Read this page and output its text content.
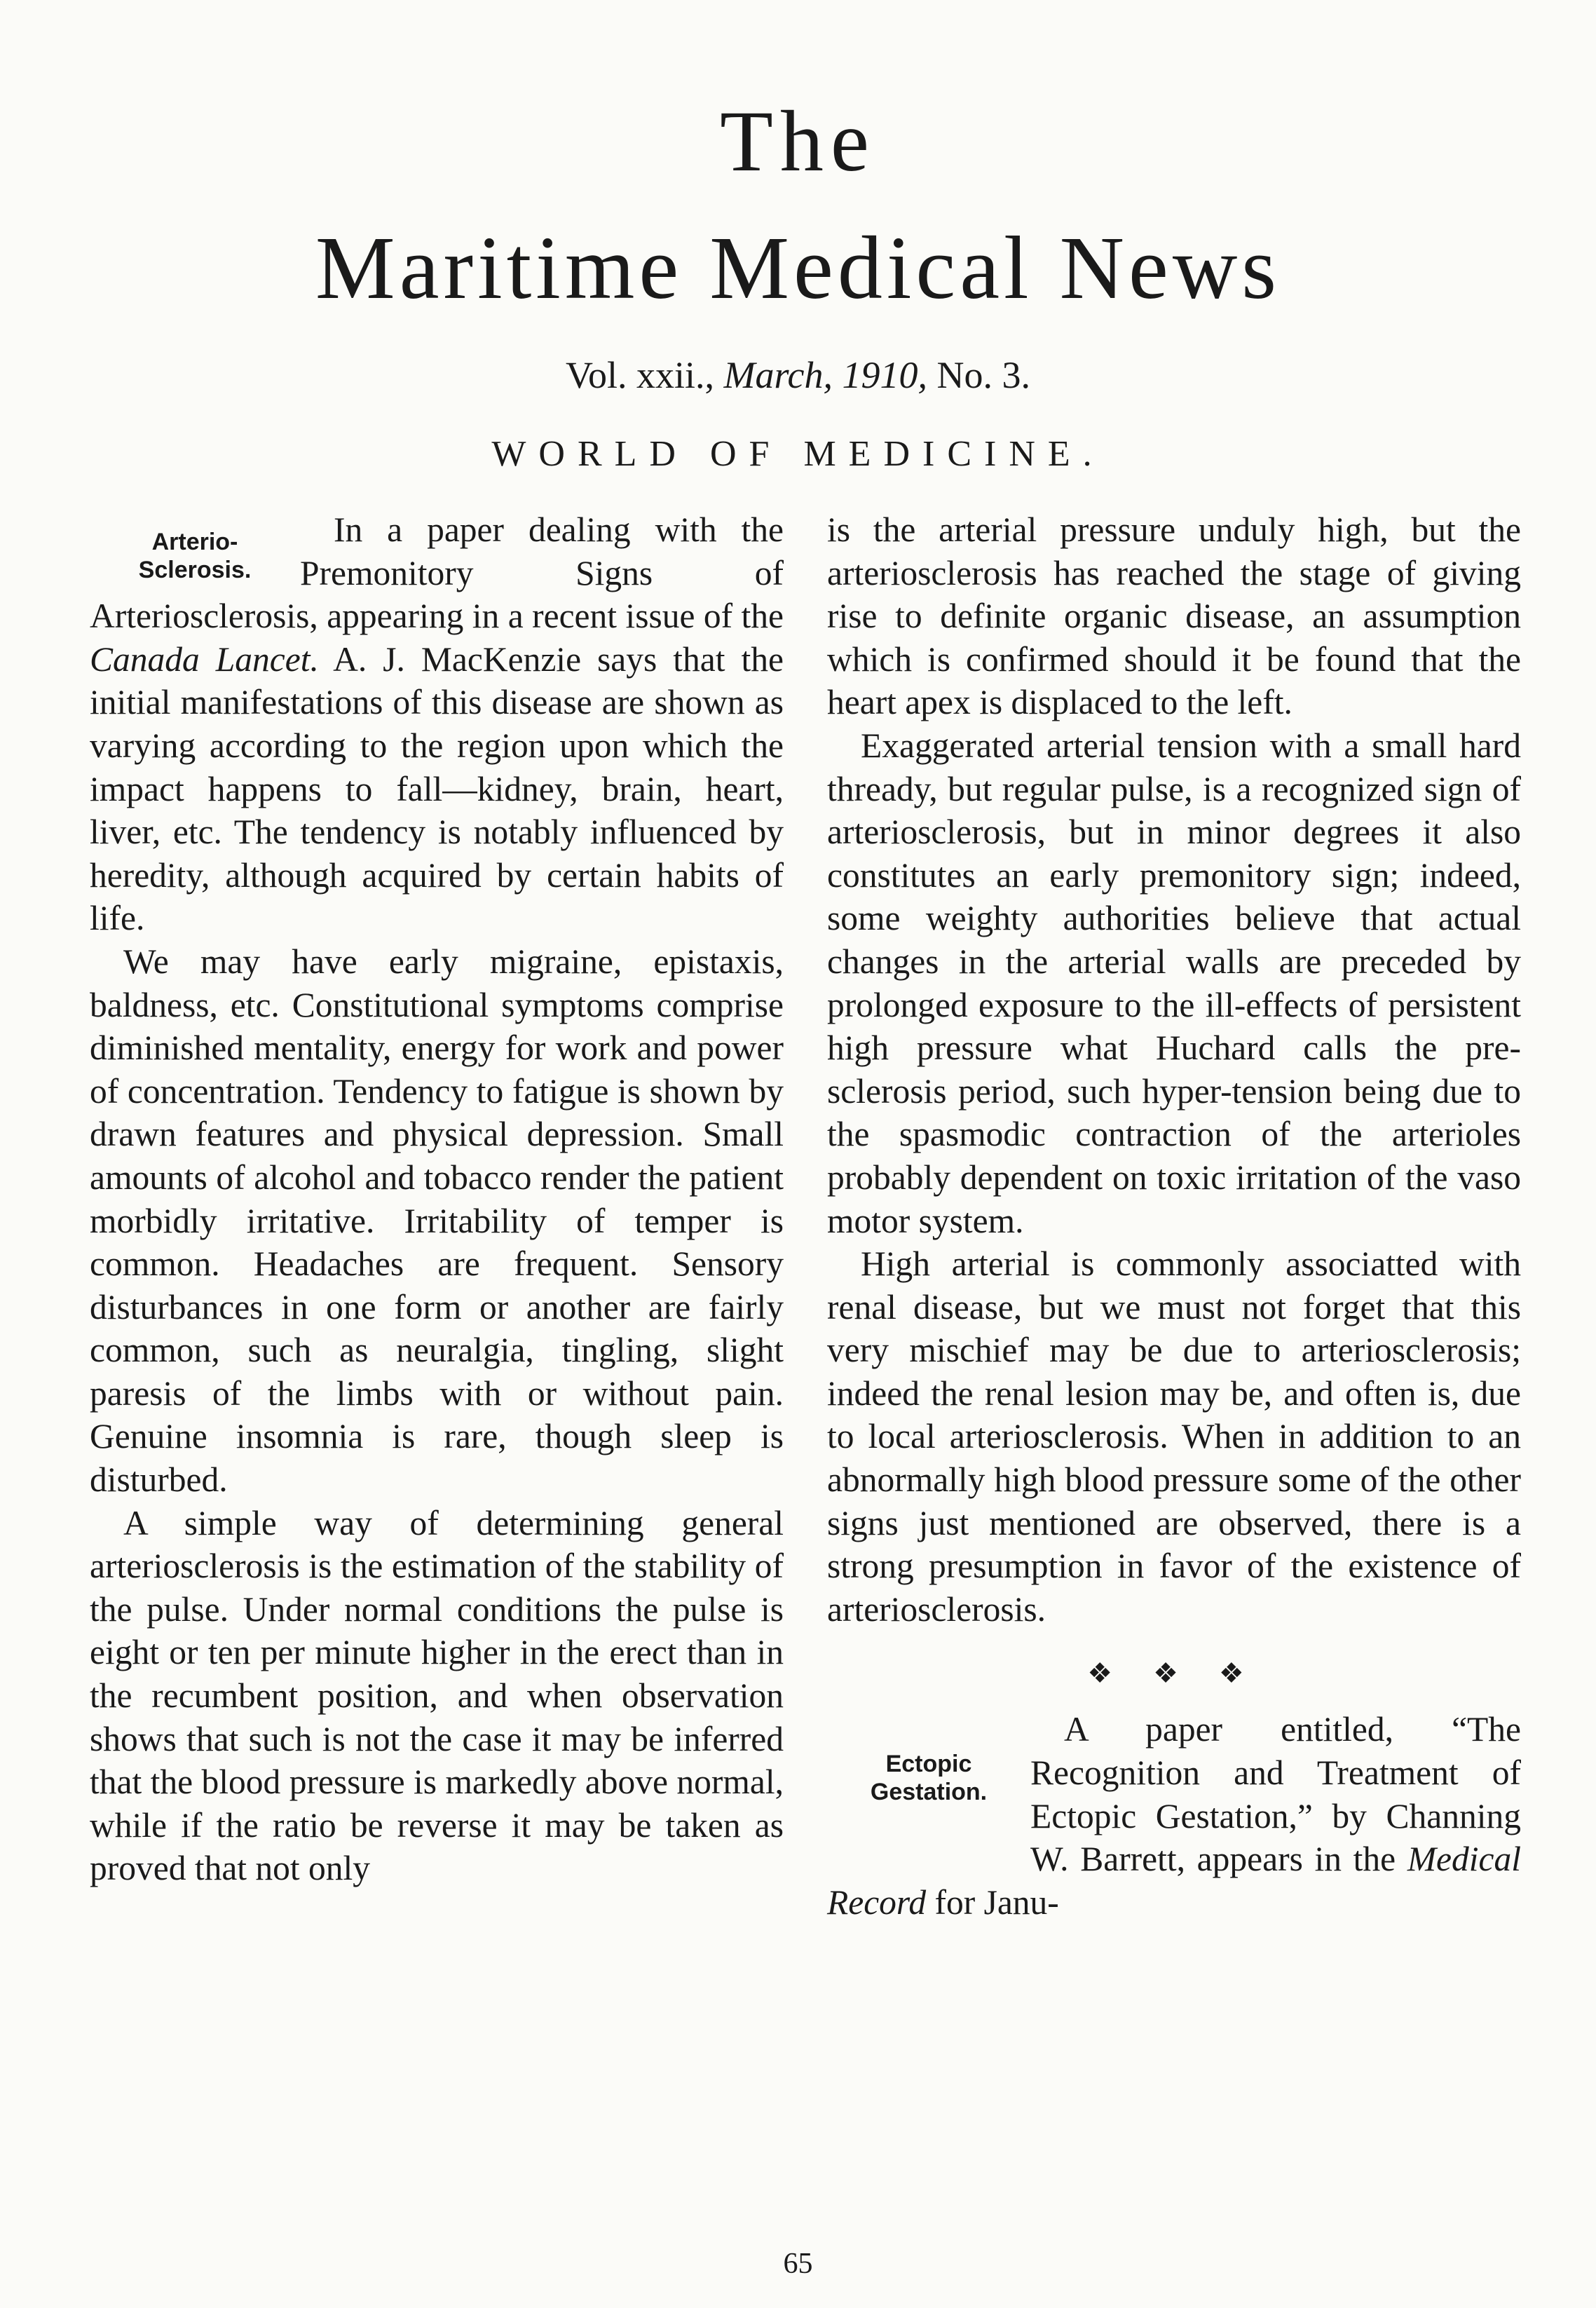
The
Maritime Medical News
Vol. xxii., March, 1910, No. 3.
WORLD OF MEDICINE.
Arterio-
Sclerosis.

In a paper dealing with the Premonitory Signs of Arteriosclerosis, appearing in a recent issue of the Canada Lancet. A. J. MacKenzie says that the initial manifestations of this disease are shown as varying according to the region upon which the impact happens to fall—kidney, brain, heart, liver, etc. The tendency is notably influenced by heredity, although acquired by certain habits of life.

We may have early migraine, epistaxis, baldness, etc. Constitutional symptoms comprise diminished mentality, energy for work and power of concentration. Tendency to fatigue is shown by drawn features and physical depression. Small amounts of alcohol and tobacco render the patient morbidly irritative. Irritability of temper is common. Headaches are frequent. Sensory disturbances in one form or another are fairly common, such as neuralgia, tingling, slight paresis of the limbs with or without pain. Genuine insomnia is rare, though sleep is disturbed.

A simple way of determining general arteriosclerosis is the estimation of the stability of the pulse. Under normal conditions the pulse is eight or ten per minute higher in the erect than in the recumbent position, and when observation shows that such is not the case it may be inferred that the blood pressure is markedly above normal, while if the ratio be reverse it may be taken as proved that not only

is the arterial pressure unduly high, but the arteriosclerosis has reached the stage of giving rise to definite organic disease, an assumption which is confirmed should it be found that the heart apex is displaced to the left.

Exaggerated arterial tension with a small hard thready, but regular pulse, is a recognized sign of arteriosclerosis, but in minor degrees it also constitutes an early premonitory sign; indeed, some weighty authorities believe that actual changes in the arterial walls are preceded by prolonged exposure to the ill-effects of persistent high pressure what Huchard calls the pre-sclerosis period, such hyper-tension being due to the spasmodic contraction of the arterioles probably dependent on toxic irritation of the vaso motor system.

High arterial is commonly associatted with renal disease, but we must not forget that this very mischief may be due to arteriosclerosis; indeed the renal lesion may be, and often is, due to local arteriosclerosis. When in addition to an abnormally high blood pressure some of the other signs just mentioned are observed, there is a strong presumption in favor of the existence of arteriosclerosis.

❖ ❖ ❖
Ectopic
Gestation.

A paper entitled, “The Recognition and Treatment of Ectopic Gestation,” by Channing W. Barrett, appears in the Medical Record for Janu-

65
